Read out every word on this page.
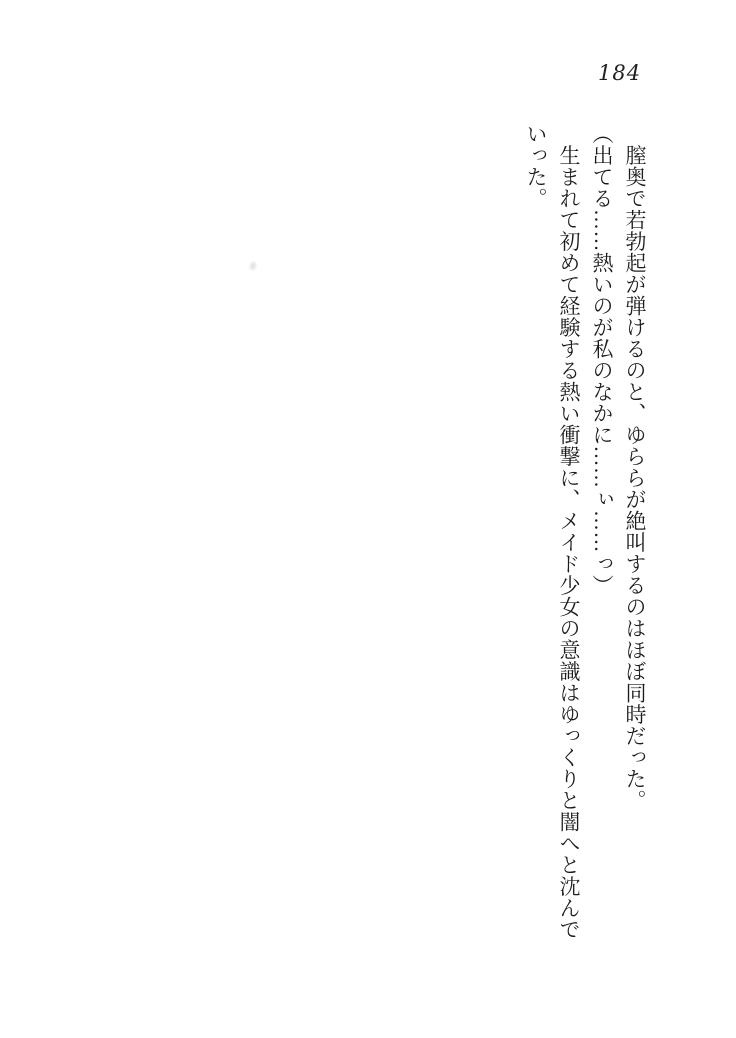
184

　膣奥で若勃起が弾けるのと、ゆららが絶叫するのはほぼ同時だった。

（出てる……熱いのが私のなかに……ぃ……っ）

　生まれて初めて経験する熱い衝撃に、メイド少女の意識はゆっくりと闇へと沈んで

いった。
